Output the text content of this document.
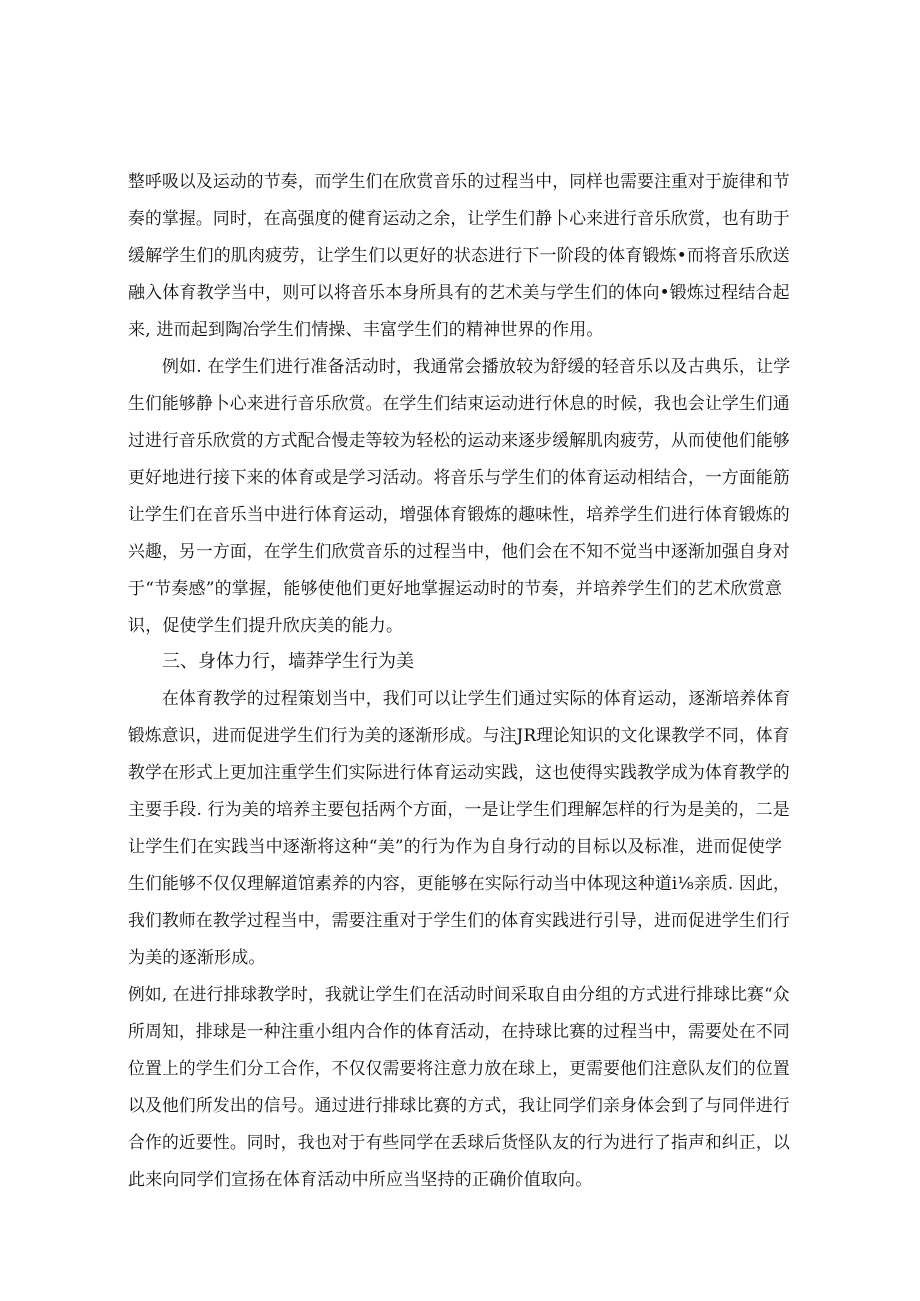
整呼吸以及运动的节奏，而学生们在欣赏音乐的过程当中，同样也需要注重对于旋律和节
奏的掌握。同时，在高强度的健育运动之余，让学生们静卜心来进行音乐欣赏，也有助于
缓解学生们的肌肉疲劳，让学生们以更好的状态进行下一阶段的体育锻炼•而将音乐欣送
融入体育教学当中，则可以将音乐本身所具有的艺术美与学生们的体向•锻炼过程结合起
来, 进而起到陶冶学生们情操、丰富学生们的精神世界的作用。
例如. 在学生们进行准备活动时，我通常会播放较为舒缓的轻音乐以及古典乐，让学
生们能够静卜心来进行音乐欣赏。在学生们结束运动进行休息的时候，我也会让学生们通
过进行音乐欣赏的方式配合慢走等较为轻松的运动来逐步缓解肌肉疲劳，从而使他们能够
更好地进行接下来的体育或是学习活动。将音乐与学生们的体育运动相结合，一方面能筋
让学生们在音乐当中进行体育运动，增强体育锻炼的趣味性，培养学生们进行体育锻炼的
兴趣，另一方面，在学生们欣赏音乐的过程当中，他们会在不知不觉当中逐渐加强自身对
于“节奏感”的掌握，能够使他们更好地掌握运动时的节奏，并培养学生们的艺术欣赏意
识，促使学生们提升欣庆美的能力。
三、身体力行，墙莽学生行为美
在体育教学的过程策划当中，我们可以让学生们通过实际的体育运动，逐渐培养体育
锻炼意识，进而促进学生们行为美的逐渐形成。与注JR理论知识的文化课教学不同，体育
教学在形式上更加注重学生们实际进行体育运动实践，这也使得实践教学成为体育教学的
主要手段. 行为美的培养主要包括两个方面，一是让学生们理解怎样的行为是美的，二是
让学生们在实践当中逐渐将这种“美”的行为作为自身行动的目标以及标准，进而促使学
生们能够不仅仅理解道馆素养的内容，更能够在实际行动当中体现这种道i⅛亲质. 因此，
我们教师在教学过程当中，需要注重对于学生们的体育实践进行引导，进而促进学生们行
为美的逐渐形成。
例如, 在进行排球教学时，我就让学生们在活动时间采取自由分组的方式进行排球比赛“众
所周知，排球是一种注重小组内合作的体育活动，在持球比赛的过程当中，需要处在不同
位置上的学生们分工合作，不仅仅需要将注意力放在球上，更需要他们注意队友们的位置
以及他们所发出的信号。通过进行排球比赛的方式，我让同学们亲身体会到了与同伴进行
合作的近要性。同时，我也对于有些同学在丢球后货怪队友的行为进行了指声和纠正，以
此来向同学们宣扬在体育活动中所应当坚持的正确价值取向。
